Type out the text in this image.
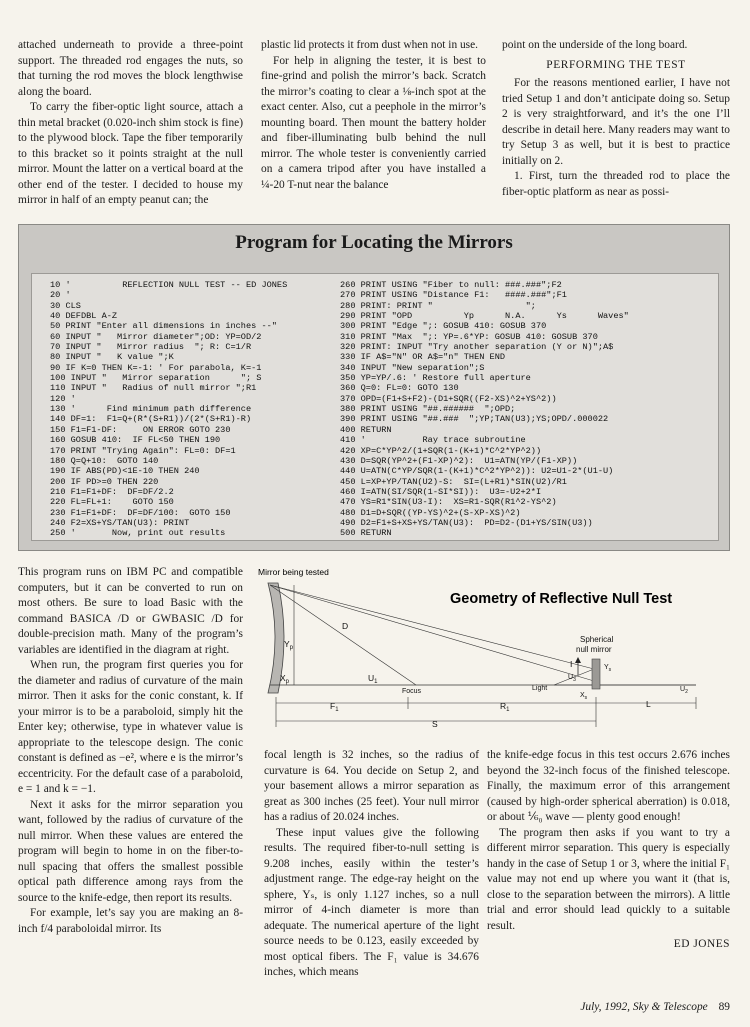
attached underneath to provide a three-point support. The threaded rod engages the nuts, so that turning the rod moves the block lengthwise along the board.

To carry the fiber-optic light source, attach a thin metal bracket (0.020-inch shim stock is fine) to the plywood block. Tape the fiber temporarily to this bracket so it points straight at the null mirror. Mount the latter on a vertical board at the other end of the tester. I decided to house my mirror in half of an empty peanut can; the

plastic lid protects it from dust when not in use.

For help in aligning the tester, it is best to fine-grind and polish the mirror’s back. Scratch the mirror’s coating to clear a ⅛-inch spot at the exact center. Also, cut a peephole in the mirror’s mounting board. Then mount the battery holder and fiber-illuminating bulb behind the null mirror. The whole tester is conveniently carried on a camera tripod after you have installed a ¼-20 T-nut near the balance

point on the underside of the long board.

PERFORMING THE TEST

For the reasons mentioned earlier, I have not tried Setup 1 and don’t anticipate doing so. Setup 2 is very straightforward, and it’s the one I’ll describe in detail here. Many readers may want to try Setup 3 as well, but it is best to practice initially on 2.

1. First, turn the threaded rod to place the fiber-optic platform as near as possi-

Program for Locating the Mirrors
10 '          REFLECTION NULL TEST -- ED JONES
20 '
30 CLS
40 DEFDBL A-Z
50 PRINT "Enter all dimensions in inches --"
60 INPUT "   Mirror diameter";OD: YP=OD/2
70 INPUT "   Mirror radius  "; R: C=1/R
80 INPUT "   K value ";K
90 IF K=0 THEN K=-1: ' For parabola, K=-1
100 INPUT "   Mirror separation      "; S
110 INPUT "   Radius of null mirror ";R1
120 '
130 '      Find minimum path difference
140 DF=1:  F1=Q+(R*(S+R1))/(2*(S+R1)-R)
150 F1=F1-DF:     ON ERROR GOTO 230
160 GOSUB 410:  IF FL<50 THEN 190
170 PRINT "Trying Again": FL=0: DF=1
180 Q=Q+10:  GOTO 140
190 IF ABS(PD)<1E-10 THEN 240
200 IF PD>=0 THEN 220
210 F1=F1+DF:  DF=DF/2.2
220 FL=FL+1:    GOTO 150
230 F1=F1+DF:  DF=DF/100:  GOTO 150
240 F2=XS+YS/TAN(U3): PRINT
250 '       Now, print out results
260 PRINT USING "Fiber to null: ###.###";F2
270 PRINT USING "Distance F1:   ####.###";F1
280 PRINT: PRINT "                  ";
290 PRINT "OPD          Yp      N.A.      Ys      Waves"
300 PRINT "Edge ";: GOSUB 410: GOSUB 370
310 PRINT "Max  ";: YP=.6*YP: GOSUB 410: GOSUB 370
320 PRINT: INPUT "Try another separation (Y or N)";A$
330 IF A$="N" OR A$="n" THEN END
340 INPUT "New separation";S
350 YP=YP/.6: ' Restore full aperture
360 Q=0: FL=0: GOTO 130
370 OPD=(F1+S+F2)-(D1+SQR((F2-XS)^2+YS^2))
380 PRINT USING "##.######  ";OPD;
390 PRINT USING "##.###  ";YP;TAN(U3);YS;OPD/.000022
400 RETURN
410 '           Ray trace subroutine
420 XP=C*YP^2/(1+SQR(1-(K+1)*C^2*YP^2))
430 D=SQR(YP^2+(F1-XP)^2):  U1=ATN(YP/(F1-XP))
440 U=ATN(C*YP/SQR(1-(K+1)*C^2*YP^2)): U2=U1-2*(U1-U)
450 L=XP+YP/TAN(U2)-S:  SI=(L+R1)*SIN(U2)/R1
460 I=ATN(SI/SQR(1-SI*SI)):  U3=-U2+2*I
470 YS=R1*SIN(U3-I):  XS=R1-SQR(R1^2-YS^2)
480 D1=D+SQR((YP-YS)^2+(S-XP-XS)^2)
490 D2=F1+S+XS+YS/TAN(U3):  PD=D2-(D1+YS/SIN(U3))
500 RETURN

This program runs on IBM PC and compatible computers, but it can be converted to run on most others. Be sure to load Basic with the command BASICA /D or GWBASIC /D for double-precision math. Many of the program’s variables are identified in the diagram at right.

When run, the program first queries you for the diameter and radius of curvature of the main mirror. Then it asks for the conic constant, k. If your mirror is to be a paraboloid, simply hit the Enter key; otherwise, type in whatever value is appropriate to the telescope design. The conic constant is defined as −e², where e is the mirror’s eccentricity. For the default case of a paraboloid, e = 1 and k = −1.

Next it asks for the mirror separation you want, followed by the radius of curvature of the null mirror. When these values are entered the program will begin to home in on the fiber-to-null spacing that offers the smallest possible optical path difference among rays from the source to the knife-edge, then report its results.

For example, let’s say you are making an 8-inch f/4 paraboloidal mirror. Its

Mirror being tested
Geometry of Reflective Null Test
$Y_p$
$X_p$
D
$U_1$
Focus	Light
$U_3$
$Y_s$
$X_s$
I
$U_2$
Spherical
null mirror
$F_1$	$R_1$
L
S

focal length is 32 inches, so the radius of curvature is 64. You decide on Setup 2, and your basement allows a mirror separation as great as 300 inches (25 feet). Your null mirror has a radius of 20.024 inches.

These input values give the following results. The required fiber-to-null setting is 9.208 inches, easily within the tester’s adjustment range. The edge-ray height on the sphere, Yₛ, is only 1.127 inches, so a null mirror of 4-inch diameter is more than adequate. The numerical aperture of the light source needs to be 0.123, easily exceeded by most optical fibers. The F₁ value is 34.676 inches, which means

the knife-edge focus in this test occurs 2.676 inches beyond the 32-inch focus of the finished telescope. Finally, the maximum error of this arrangement (caused by high-order spherical aberration) is 0.018, or about ⅙₀ wave — plenty good enough!

The program then asks if you want to try a different mirror separation. This query is especially handy in the case of Setup 1 or 3, where the initial F₁ value may not end up where you want it (that is, close to the separation between the mirrors). A little trial and error should lead quickly to a suitable result.

ED JONES

July, 1992, Sky & Telescope 89
